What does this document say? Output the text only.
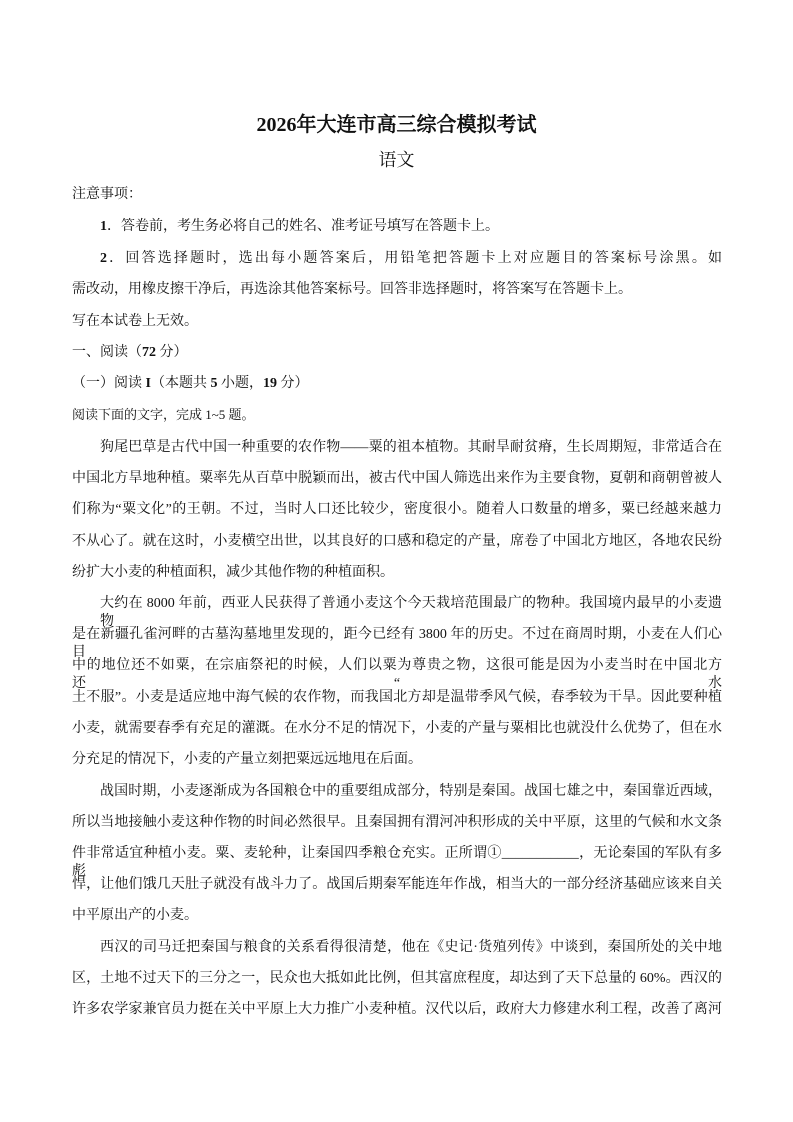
2026年大连市高三综合模拟考试
语文
注意事项：
1．答卷前，考生务必将自己的姓名、准考证号填写在答题卡上。
2．回答选择题时，选出每小题答案后，用铅笔把答题卡上对应题目的答案标号涂黑。如
需改动，用橡皮擦干净后，再选涂其他答案标号。回答非选择题时，将答案写在答题卡上。
写在本试卷上无效。
一、阅读（72 分）
（一）阅读 I（本题共 5 小题，19 分）
阅读下面的文字，完成 1~5 题。
狗尾巴草是古代中国一种重要的农作物——粟的祖本植物。其耐旱耐贫瘠，生长周期短，非常适合在
中国北方旱地种植。粟率先从百草中脱颖而出，被古代中国人筛选出来作为主要食物，夏朝和商朝曾被人
们称为“粟文化”的王朝。不过，当时人口还比较少，密度很小。随着人口数量的增多，粟已经越来越力
不从心了。就在这时，小麦横空出世，以其良好的口感和稳定的产量，席卷了中国北方地区，各地农民纷
纷扩大小麦的种植面积，减少其他作物的种植面积。
大约在 8000 年前，西亚人民获得了普通小麦这个今天栽培范围最广的物种。我国境内最早的小麦遗物
是在新疆孔雀河畔的古墓沟墓地里发现的，距今已经有 3800 年的历史。不过在商周时期，小麦在人们心目
中的地位还不如粟，在宗庙祭祀的时候，人们以粟为尊贵之物，这很可能是因为小麦当时在中国北方还“水
土不服”。小麦是适应地中海气候的农作物，而我国北方却是温带季风气候，春季较为干旱。因此要种植
小麦，就需要春季有充足的灌溉。在水分不足的情况下，小麦的产量与粟相比也就没什么优势了，但在水
分充足的情况下，小麦的产量立刻把粟远远地甩在后面。
战国时期，小麦逐渐成为各国粮仓中的重要组成部分，特别是秦国。战国七雄之中，秦国靠近西域，
所以当地接触小麦这种作物的时间必然很早。且秦国拥有渭河冲积形成的关中平原，这里的气候和水文条
件非常适宜种植小麦。粟、麦轮种，让秦国四季粮仓充实。正所谓①___________，无论秦国的军队有多彪
悍，让他们饿几天肚子就没有战斗力了。战国后期秦军能连年作战，相当大的一部分经济基础应该来自关
中平原出产的小麦。
西汉的司马迁把秦国与粮食的关系看得很清楚，他在《史记·货殖列传》中谈到，秦国所处的关中地
区，土地不过天下的三分之一，民众也大抵如此比例，但其富庶程度，却达到了天下总量的 60%。西汉的
许多农学家兼官员力挺在关中平原上大力推广小麦种植。汉代以后，政府大力修建水利工程，改善了离河
